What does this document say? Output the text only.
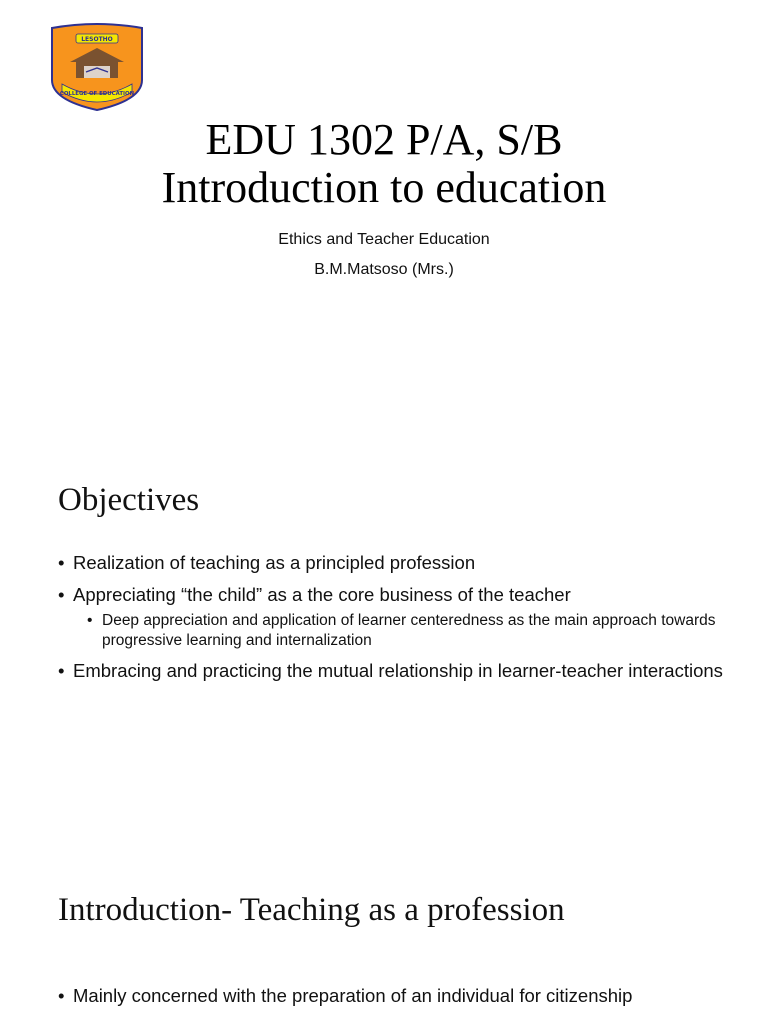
LESOTHO
COLLEGE OF EDUCATION
EDU 1302 P/A, S/B
Introduction to education
Ethics and Teacher Education
B.M.Matsoso (Mrs.)
Objectives
• Realization of teaching as a principled profession
• Appreciating “the child” as a the core business of the teacher
• Deep appreciation and application of learner centeredness as the main approach towards progressive learning and internalization
• Embracing and practicing the mutual relationship in learner-teacher interactions
Introduction- Teaching as a profession
• Mainly concerned with the preparation of an individual for citizenship
